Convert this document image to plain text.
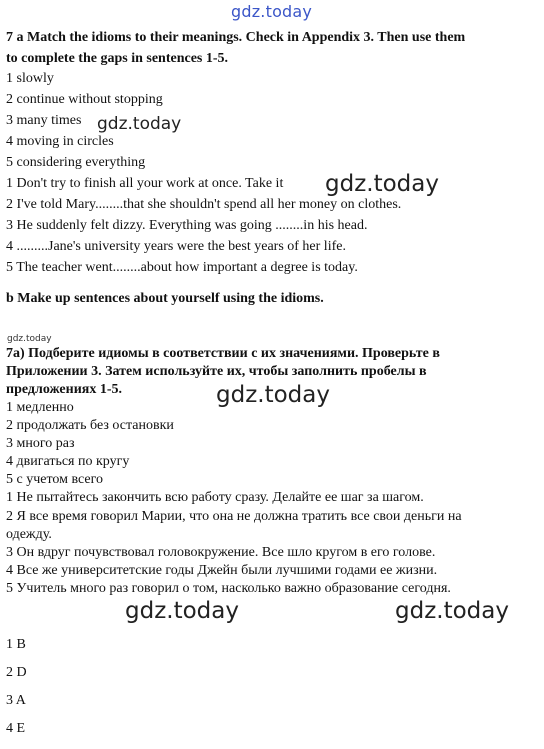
gdz.today
gdz.today
gdz.today
gdz.today
gdz.today
gdz.today	gdz.today
7 a Match the idioms to their meanings. Check in Appendix 3. Then use them
to complete the gaps in sentences 1-5.
1 slowly
2 continue without stopping
3 many times
4 moving in circles
5 considering everything
1 Don't try to finish all your work at once. Take it
2 I've told Mary........that she shouldn't spend all her money on clothes.
3 He suddenly felt dizzy. Everything was going ........in his head.
4 .........Jane's university years were the best years of her life.
5 The teacher went........about how important a degree is today.
b Make up sentences about yourself using the idioms.
7а) Подберите идиомы в соответствии с их значениями. Проверьте в
Приложении 3. Затем используйте их, чтобы заполнить пробелы в
предложениях 1-5.
1 медленно
2 продолжать без остановки
3 много раз
4 двигаться по кругу
5 с учетом всего
1 Не пытайтесь закончить всю работу сразу. Делайте ее шаг за шагом.
2 Я все время говорил Марии, что она не должна тратить все свои деньги на
одежду.
3 Он вдруг почувствовал головокружение. Все шло кругом в его голове.
4 Все же университетские годы Джейн были лучшими годами ее жизни.
5 Учитель много раз говорил о том, насколько важно образование сегодня.
1 B
2 D
3 A
4 E
